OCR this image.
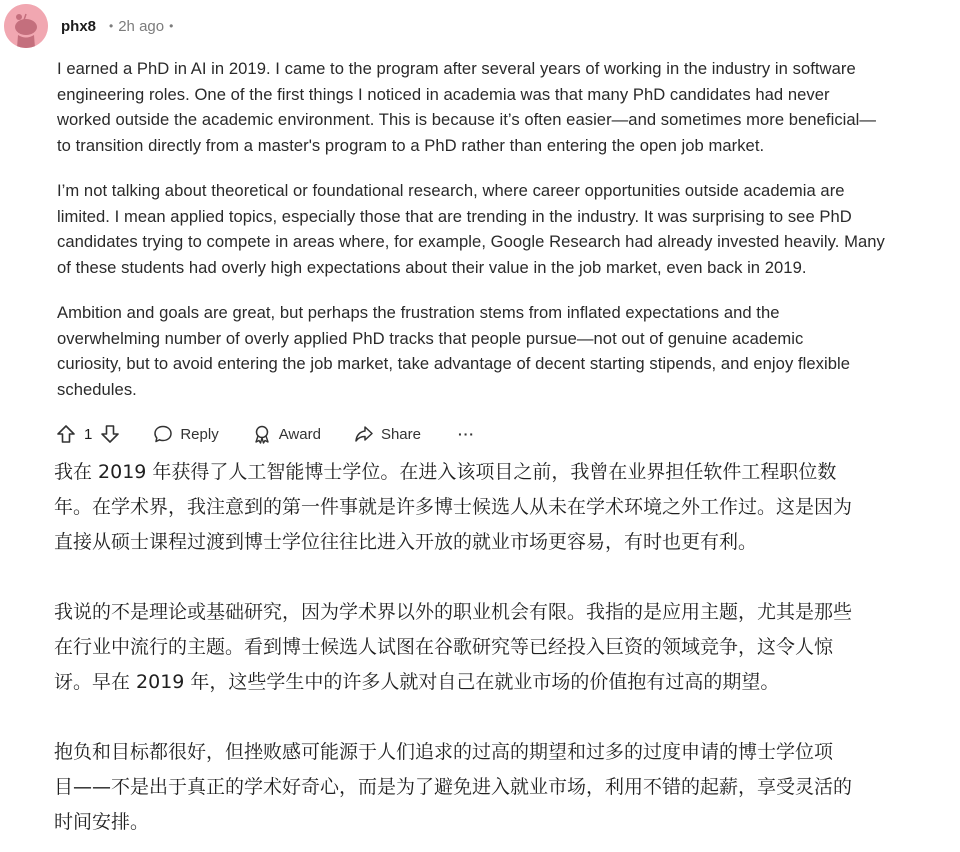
phx8 • 2h ago •

I earned a PhD in AI in 2019. I came to the program after several years of working in the industry in software
engineering roles. One of the first things I noticed in academia was that many PhD candidates had never
worked outside the academic environment. This is because it’s often easier—and sometimes more beneficial—
to transition directly from a master's program to a PhD rather than entering the open job market.

I’m not talking about theoretical or foundational research, where career opportunities outside academia are
limited. I mean applied topics, especially those that are trending in the industry. It was surprising to see PhD
candidates trying to compete in areas where, for example, Google Research had already invested heavily. Many
of these students had overly high expectations about their value in the job market, even back in 2019.

Ambition and goals are great, but perhaps the frustration stems from inflated expectations and the
overwhelming number of overly applied PhD tracks that people pursue—not out of genuine academic
curiosity, but to avoid entering the job market, take advantage of decent starting stipends, and enjoy flexible
schedules.

1	Reply	Award	Share	···

我在 2019 年获得了人工智能博士学位。在进入该项目之前，我曾在业界担任软件工程职位数
年。在学术界，我注意到的第一件事就是许多博士候选人从未在学术环境之外工作过。这是因为
直接从硕士课程过渡到博士学位往往比进入开放的就业市场更容易，有时也更有利。

我说的不是理论或基础研究，因为学术界以外的职业机会有限。我指的是应用主题，尤其是那些
在行业中流行的主题。看到博士候选人试图在谷歌研究等已经投入巨资的领域竞争，这令人惊
讶。早在 2019 年，这些学生中的许多人就对自己在就业市场的价值抱有过高的期望。

抱负和目标都很好，但挫败感可能源于人们追求的过高的期望和过多的过度申请的博士学位项
目——不是出于真正的学术好奇心，而是为了避免进入就业市场，利用不错的起薪，享受灵活的
时间安排。
